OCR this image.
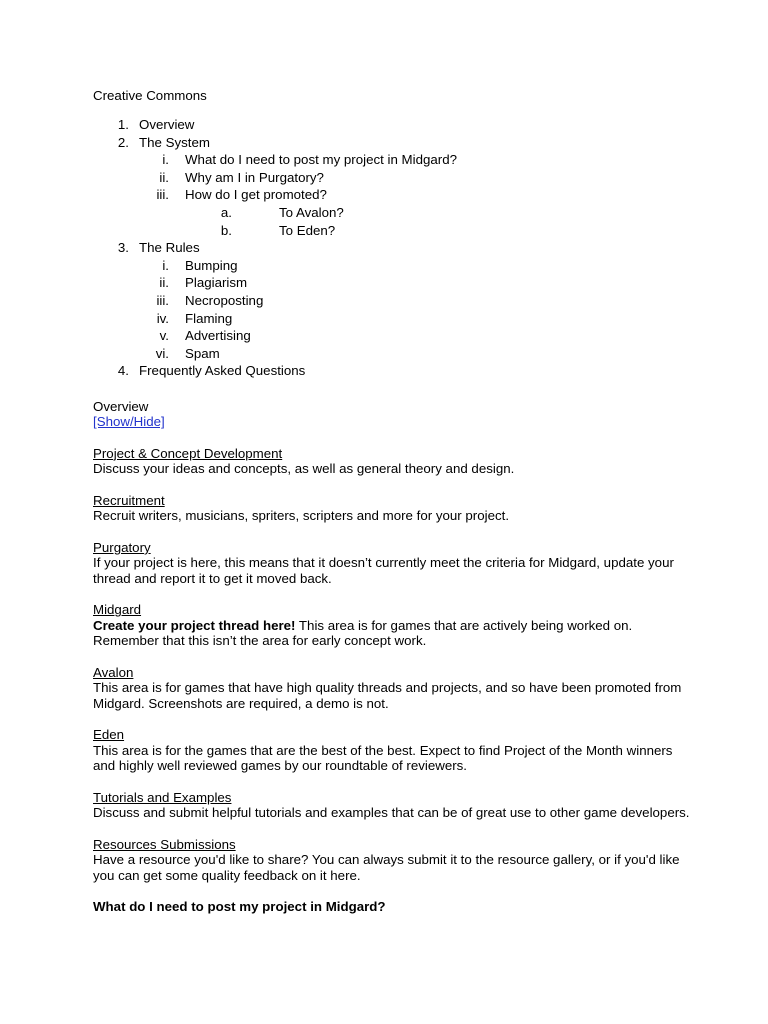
Creative Commons
1. Overview
2. The System
i. What do I need to post my project in Midgard?
ii. Why am I in Purgatory?
iii. How do I get promoted?
a.	To Avalon?
b.	To Eden?
3. The Rules
i. Bumping
ii. Plagiarism
iii. Necroposting
iv. Flaming
v. Advertising
vi. Spam
4. Frequently Asked Questions
Overview
[Show/Hide]
Project & Concept Development
Discuss your ideas and concepts, as well as general theory and design.
Recruitment
Recruit writers, musicians, spriters, scripters and more for your project.
Purgatory
If your project is here, this means that it doesn’t currently meet the criteria for Midgard, update your thread and report it to get it moved back.
Midgard
Create your project thread here! This area is for games that are actively being worked on. Remember that this isn’t the area for early concept work.
Avalon
This area is for games that have high quality threads and projects, and so have been promoted from Midgard. Screenshots are required, a demo is not.
Eden
This area is for the games that are the best of the best. Expect to find Project of the Month winners and highly well reviewed games by our roundtable of reviewers.
Tutorials and Examples
Discuss and submit helpful tutorials and examples that can be of great use to other game developers.
Resources Submissions
Have a resource you'd like to share? You can always submit it to the resource gallery, or if you'd like you can get some quality feedback on it here.
What do I need to post my project in Midgard?
